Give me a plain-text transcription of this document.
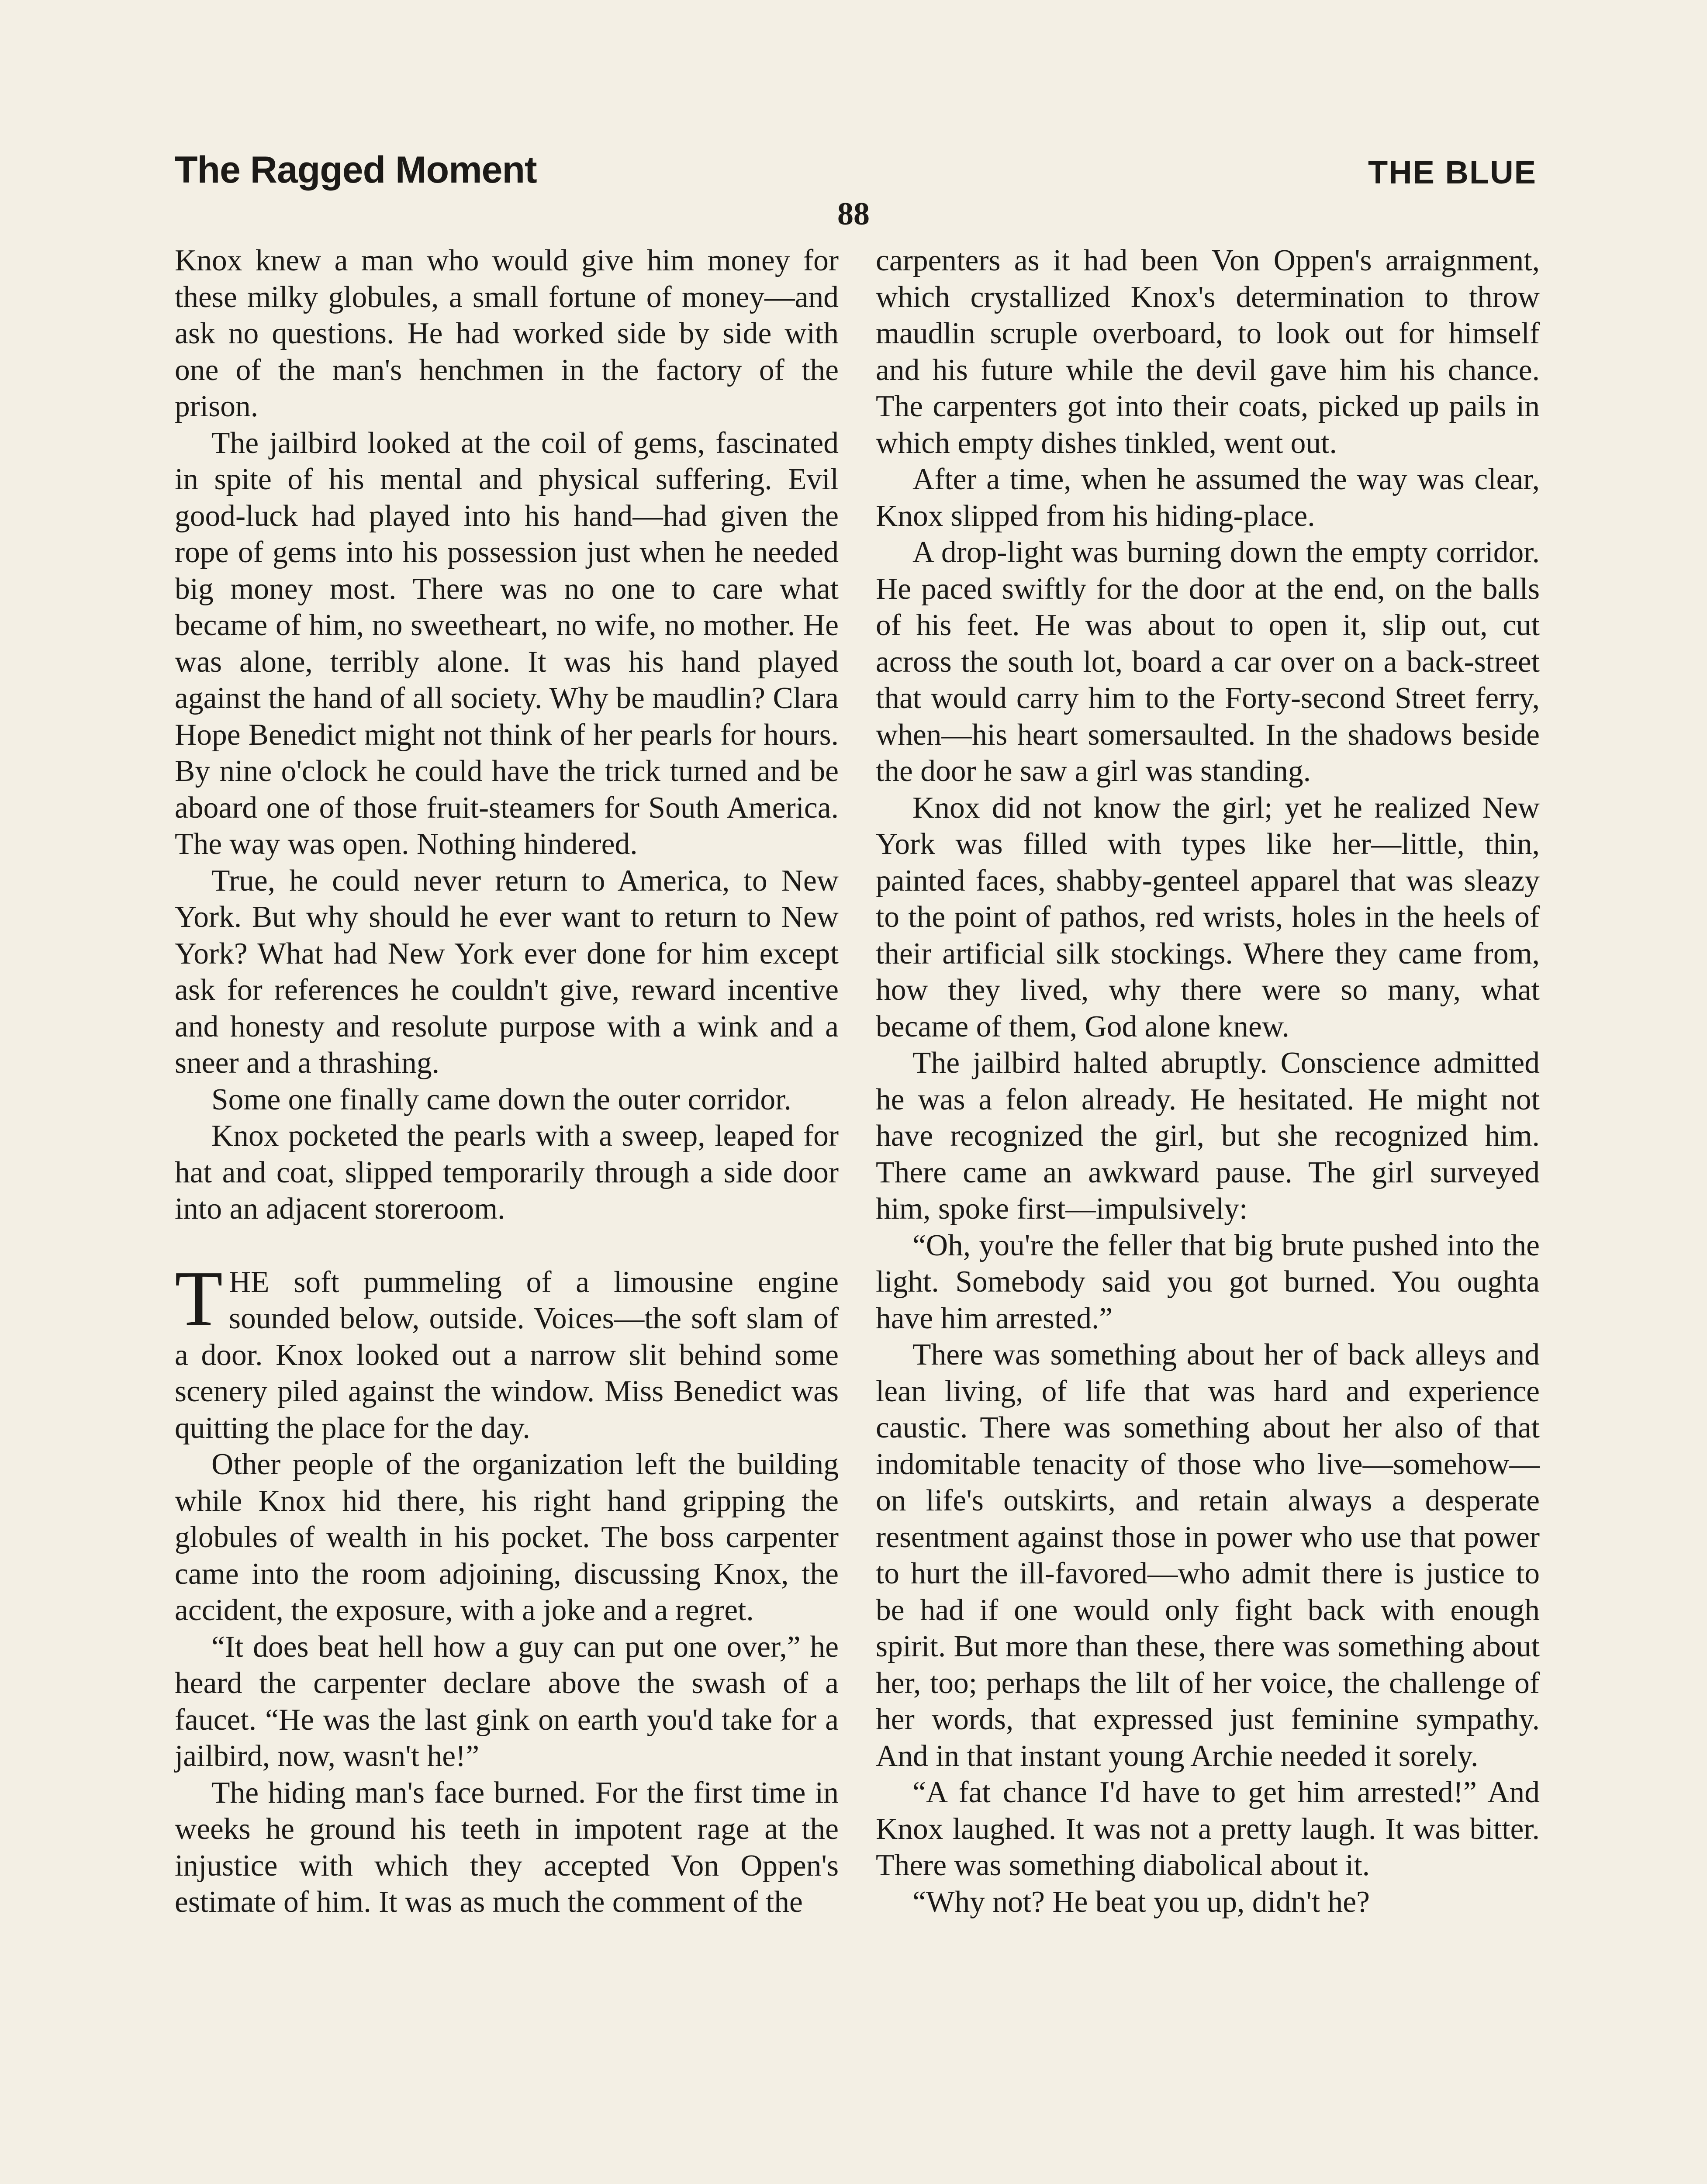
The Ragged Moment	THE BLUE
88

Knox knew a man who would give him money for these milky globules, a small fortune of money—and ask no questions. He had worked side by side with one of the man's henchmen in the factory of the prison.

The jailbird looked at the coil of gems, fascinated in spite of his mental and physical suffering. Evil good-luck had played into his hand—had given the rope of gems into his possession just when he needed big money most. There was no one to care what became of him, no sweetheart, no wife, no mother. He was alone, terribly alone. It was his hand played against the hand of all society. Why be maudlin? Clara Hope Benedict might not think of her pearls for hours. By nine o'clock he could have the trick turned and be aboard one of those fruit-steamers for South America. The way was open. Nothing hindered.

True, he could never return to America, to New York. But why should he ever want to return to New York? What had New York ever done for him except ask for references he couldn't give, reward incentive and honesty and resolute purpose with a wink and a sneer and a thrashing.

Some one finally came down the outer corridor.

Knox pocketed the pearls with a sweep, leaped for hat and coat, slipped temporarily through a side door into an adjacent storeroom.

THE soft pummeling of a limousine engine sounded below, outside. Voices—the soft slam of a door. Knox looked out a narrow slit behind some scenery piled against the window. Miss Benedict was quitting the place for the day.

Other people of the organization left the building while Knox hid there, his right hand gripping the globules of wealth in his pocket. The boss carpenter came into the room adjoining, discussing Knox, the accident, the exposure, with a joke and a regret.

“It does beat hell how a guy can put one over,” he heard the carpenter declare above the swash of a faucet. “He was the last gink on earth you'd take for a jailbird, now, wasn't he!”

The hiding man's face burned. For the first time in weeks he ground his teeth in impotent rage at the injustice with which they accepted Von Oppen's estimate of him. It was as much the comment of the

carpenters as it had been Von Oppen's arraignment, which crystallized Knox's determination to throw maudlin scruple overboard, to look out for himself and his future while the devil gave him his chance. The carpenters got into their coats, picked up pails in which empty dishes tinkled, went out.

After a time, when he assumed the way was clear, Knox slipped from his hiding-place.

A drop-light was burning down the empty corridor. He paced swiftly for the door at the end, on the balls of his feet. He was about to open it, slip out, cut across the south lot, board a car over on a back-street that would carry him to the Forty-second Street ferry, when—his heart somersaulted. In the shadows beside the door he saw a girl was standing.

Knox did not know the girl; yet he realized New York was filled with types like her—little, thin, painted faces, shabby-genteel apparel that was sleazy to the point of pathos, red wrists, holes in the heels of their artificial silk stockings. Where they came from, how they lived, why there were so many, what became of them, God alone knew.

The jailbird halted abruptly. Conscience admitted he was a felon already. He hesitated. He might not have recognized the girl, but she recognized him. There came an awkward pause. The girl surveyed him, spoke first—impulsively:

“Oh, you're the feller that big brute pushed into the light. Somebody said you got burned. You oughta have him arrested.”

There was something about her of back alleys and lean living, of life that was hard and experience caustic. There was something about her also of that indomitable tenacity of those who live—somehow—on life's outskirts, and retain always a desperate resentment against those in power who use that power to hurt the ill-favored—who admit there is justice to be had if one would only fight back with enough spirit. But more than these, there was something about her, too; perhaps the lilt of her voice, the challenge of her words, that expressed just feminine sympathy. And in that instant young Archie needed it sorely.

“A fat chance I'd have to get him arrested!” And Knox laughed. It was not a pretty laugh. It was bitter. There was something diabolical about it.

“Why not? He beat you up, didn't he?
